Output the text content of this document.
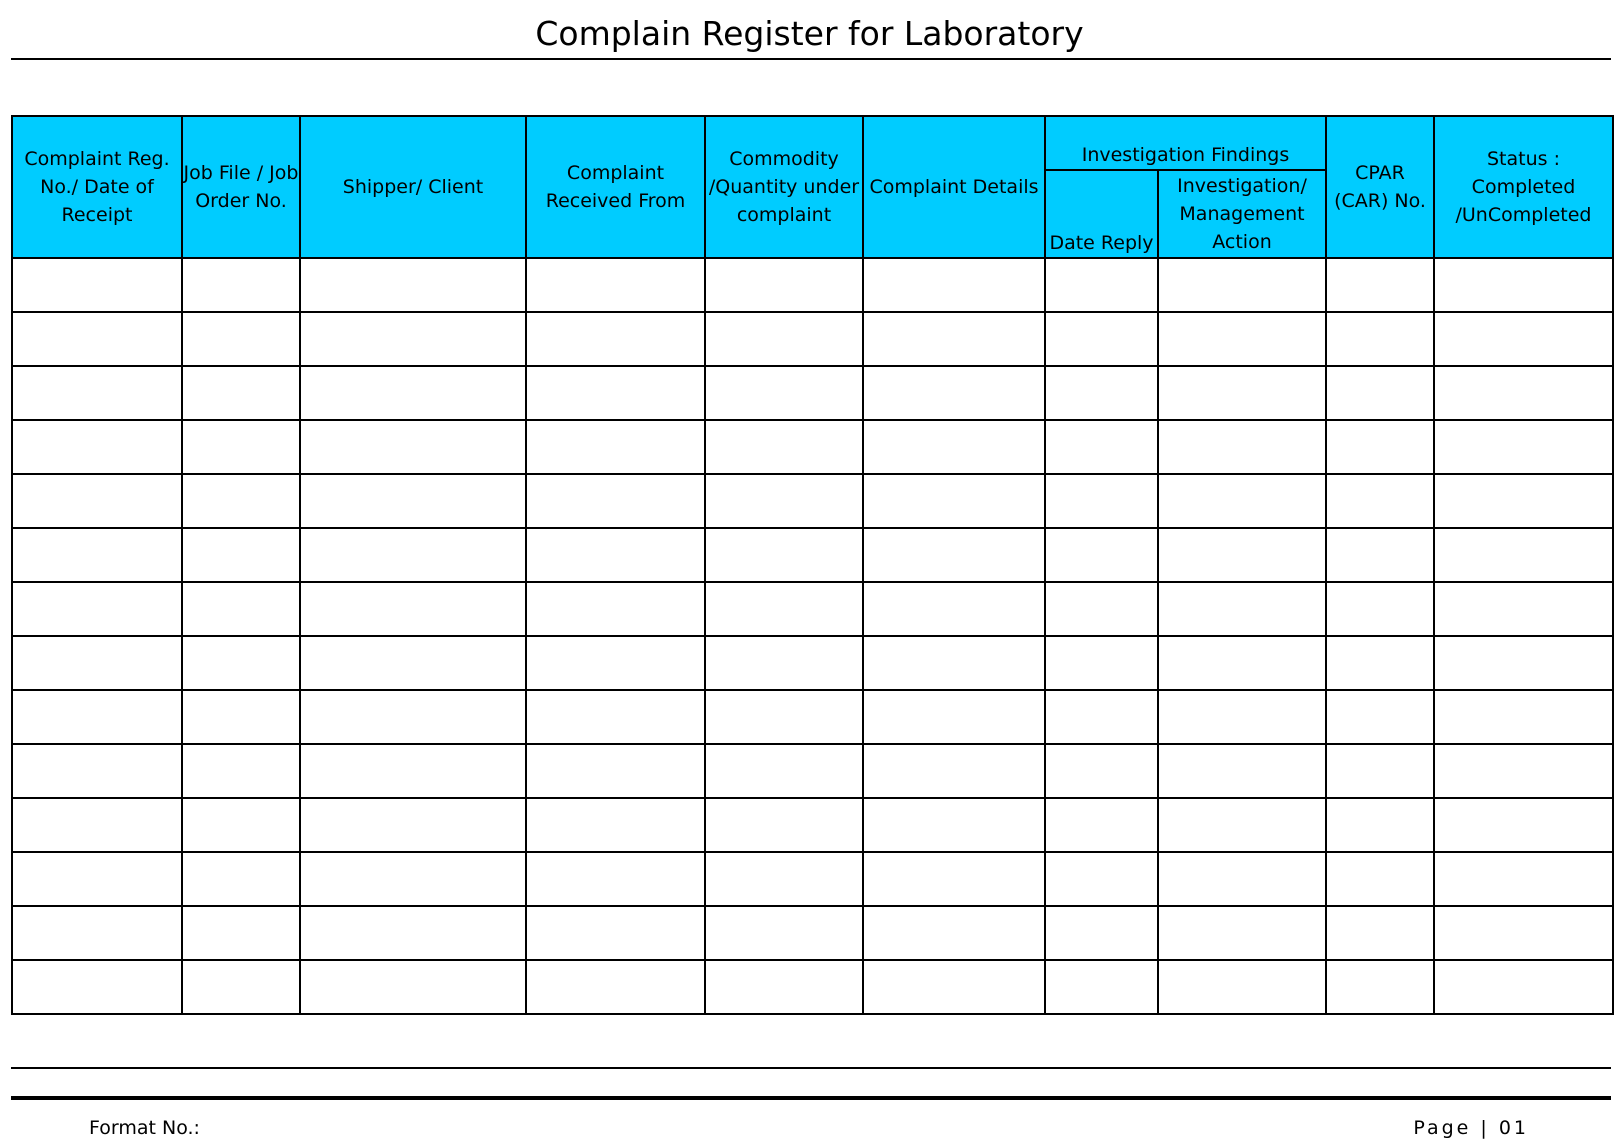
Complain Register for Laboratory
Complaint Reg. No./ Date of Receipt	Job File / Job Order No.	Shipper/ Client	Complaint Received From	Commodity /Quantity under complaint	Complaint Details	Investigation Findings		CPAR (CAR) No.	Status : Completed /UnCompleted
						Date Reply	Investigation/ Management Action		

Format No.:	Page | 01
